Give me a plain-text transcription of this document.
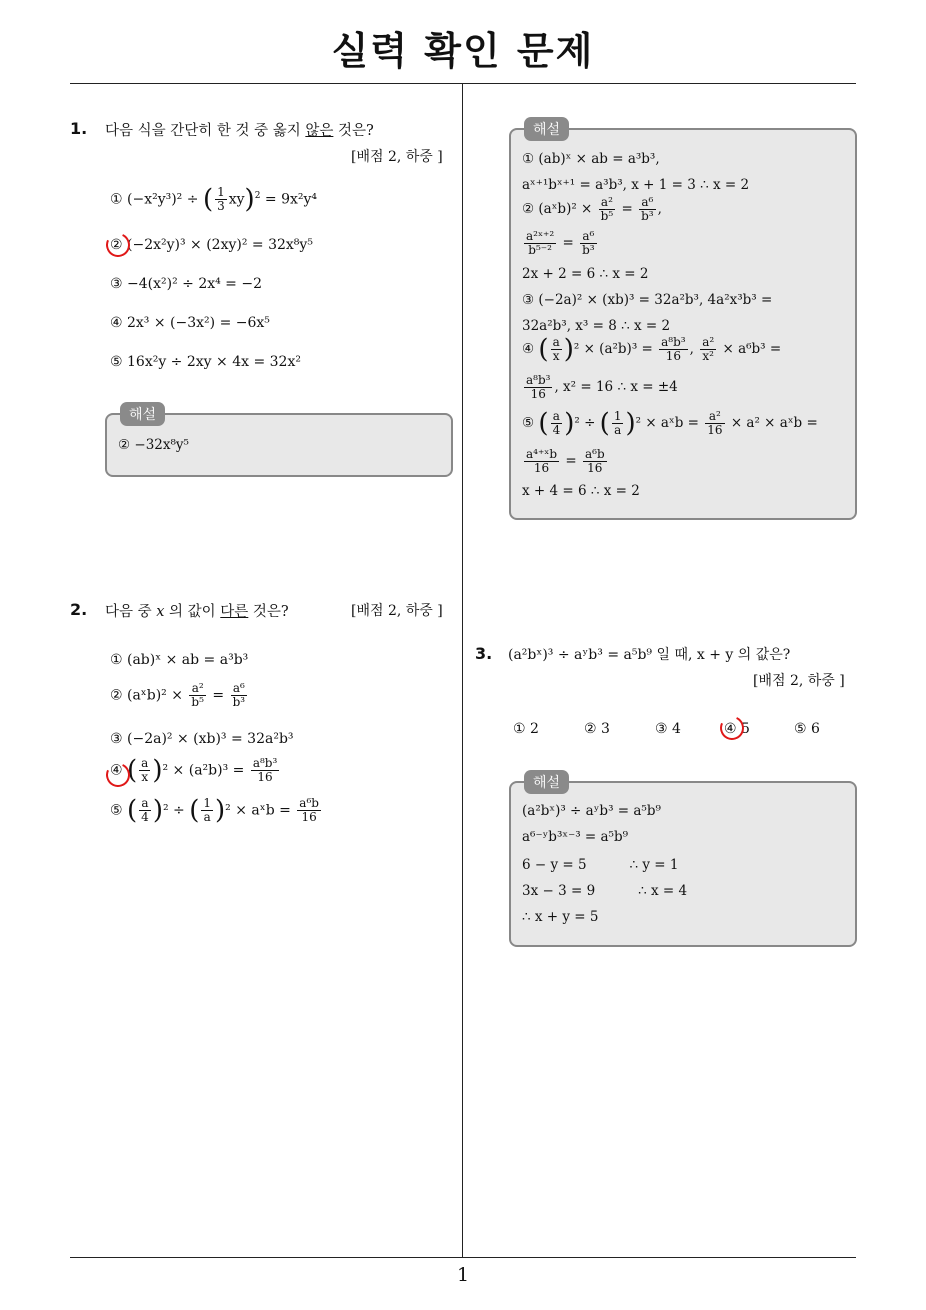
실력 확인 문제
1
1. 다음 식을 간단히 한 것 중 옳지 않은 것은?
[배점 2, 하중 ]
① (−x²y³)² ÷ ( $\frac{1}{3} xy)^2 = 9x^2y^4$
② (−2x²y)³ × (2xy)² = 32x⁸y⁵
③ −4(x²)² ÷ 2x⁴ = −2
④ 2x³ × (−3x²) = −6x⁵
⑤ 16x²y ÷ 2xy × 4x = 32x²
해설
② −32x⁸y⁵
2. 다음 중 x 의 값이 다른 것은?	[배점 2, 하중 ]
① (ab)ˣ × ab = a³b³
② (aˣb)² × $\frac{\text{a²}}{\text{b⁵}} = \frac{\text{a⁶}}{\text{b³}}$
③ (−2a)² × (xb)³ = 32a²b³
④ ( $\frac{a}{x} )^2 \times (a^2b)^3 = \frac{\text{a⁸b³}}{16}$
⑤ ( $\frac{a}{4} )^2$ ÷ ( $\frac{1}{a} )^2$ × aˣb = $\frac{\text{a⁶b}}{16}$
해설
① (ab)ˣ × ab = a³b³,
aˣ⁺¹bˣ⁺¹ = a³b³, x + 1 = 3 ∴ x = 2
② (aˣb)² × $\frac{\text{a²}}{\text{b⁵}} = \frac{\text{a⁶}}{\text{b³}}$ ,
$\frac{\text{a²ˣ⁺²}}{\text{b⁵⁻²}} = \frac{\text{a⁶}}{\text{b³}}$
2x + 2 = 6 ∴ x = 2
③ (−2a)² × (xb)³ = 32a²b³, 4a²x³b³ =
32a²b³, x³ = 8 ∴ x = 2
④ ( $\frac{a}{x} )^2 \times (a^2b)^3 = \frac{\text{a⁸b³}}{16}$ , $\frac{\text{a²}}{\text{x²}} \times a^6b^3$ =
$\frac{\text{a⁸b³}}{16}$ , x² = 16 ∴ x = ±4
⑤ ( $\frac{a}{4} )^2$ ÷ ( $\frac{1}{a} )^2$ × aˣb = $\frac{\text{a²}}{16} \times a^2$ × aˣb =
$\frac{\text{a⁴⁺ˣb}}{16} = \frac{\text{a⁶b}}{16}$
x + 4 = 6 ∴ x = 2
3. (a²bˣ)³ ÷ aʸb³ = a⁵b⁹ 일 때, x + y 의 값은?
[배점 2, 하중 ]
① 2	② 3	③ 4	④ 5	⑤ 6
해설
(a²bˣ)³ ÷ aʸb³ = a⁵b⁹
a⁶⁻ʸb³ˣ⁻³ = a⁵b⁹
6 − y = 5          ∴ y = 1
3x − 3 = 9          ∴ x = 4
∴ x + y = 5
